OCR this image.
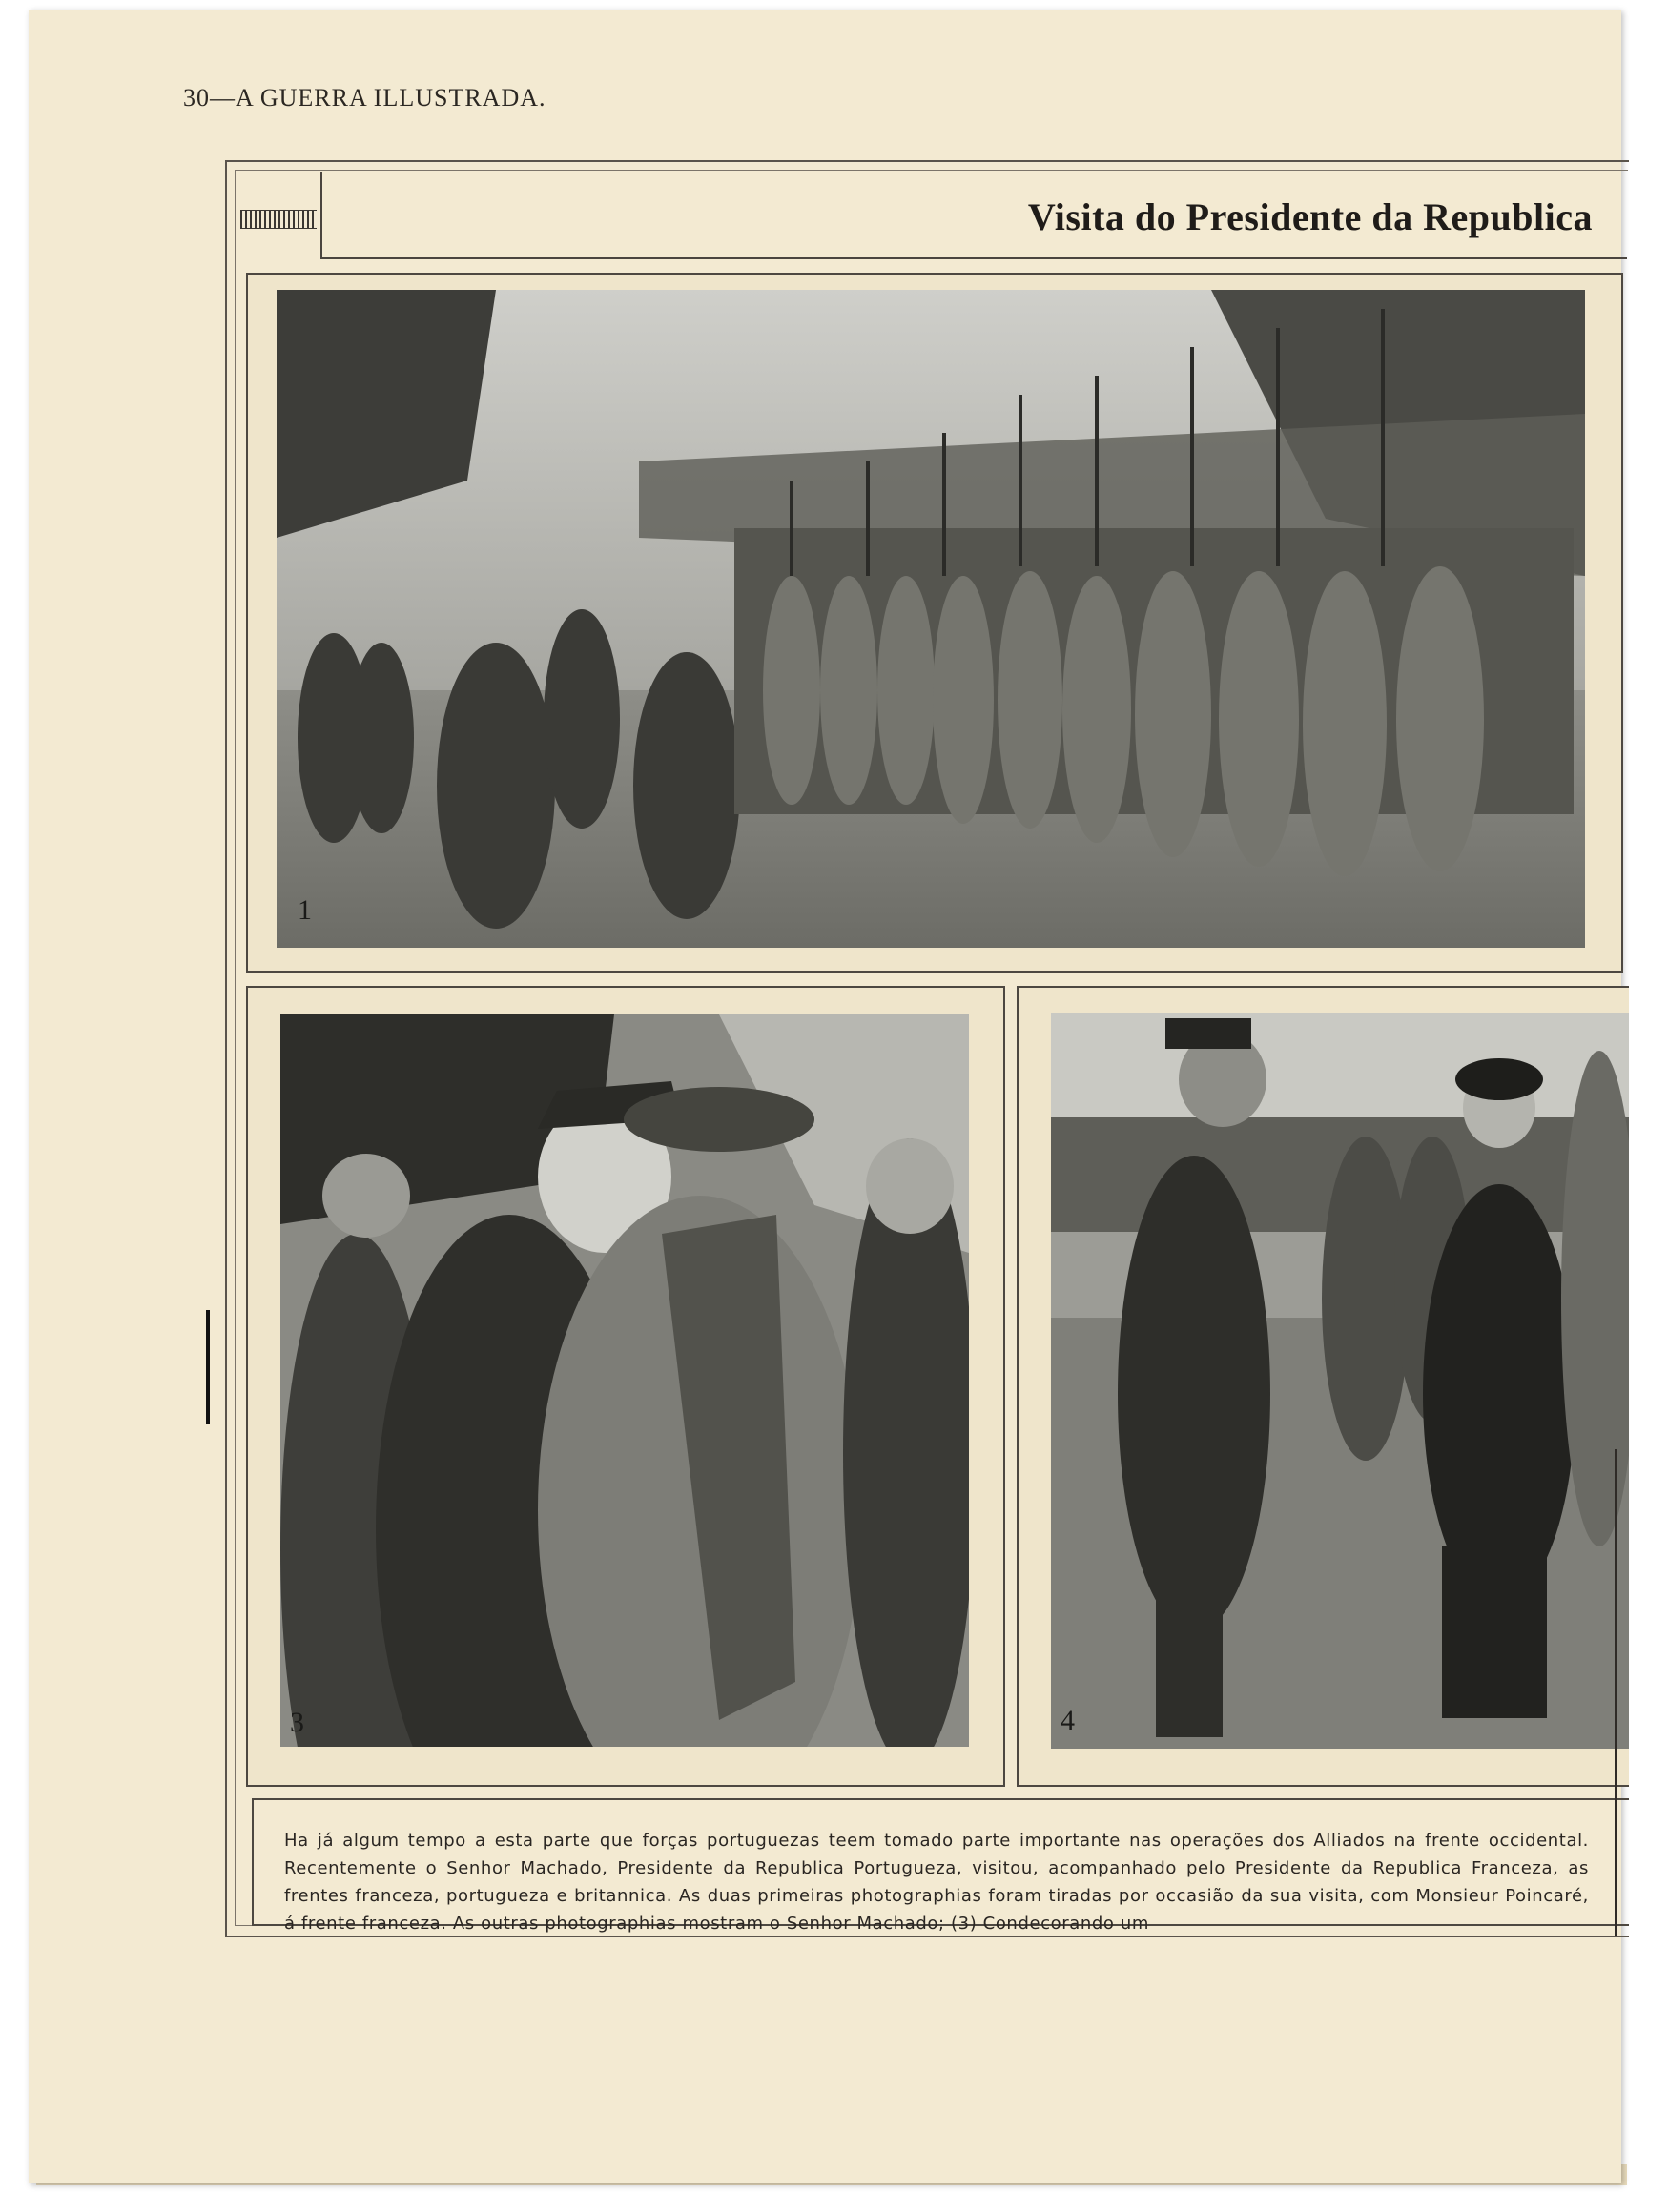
30—A GUERRA ILLUSTRADA.
Visita do Presidente da Republica
1
3	4
Ha já algum tempo a esta parte que forças portuguezas teem tomado parte importante nas operações dos Alliados na frente occidental. Recentemente o Senhor Machado, Presidente da Republica Portugueza, visitou, acompanhado pelo Presidente da Republica Franceza, as frentes franceza, portugueza e britannica. As duas primeiras photographias foram tiradas por occasião da sua visita, com Monsieur Poincaré, á frente franceza. As outras photographias mostram o Senhor Machado; (3) Condecorando um
